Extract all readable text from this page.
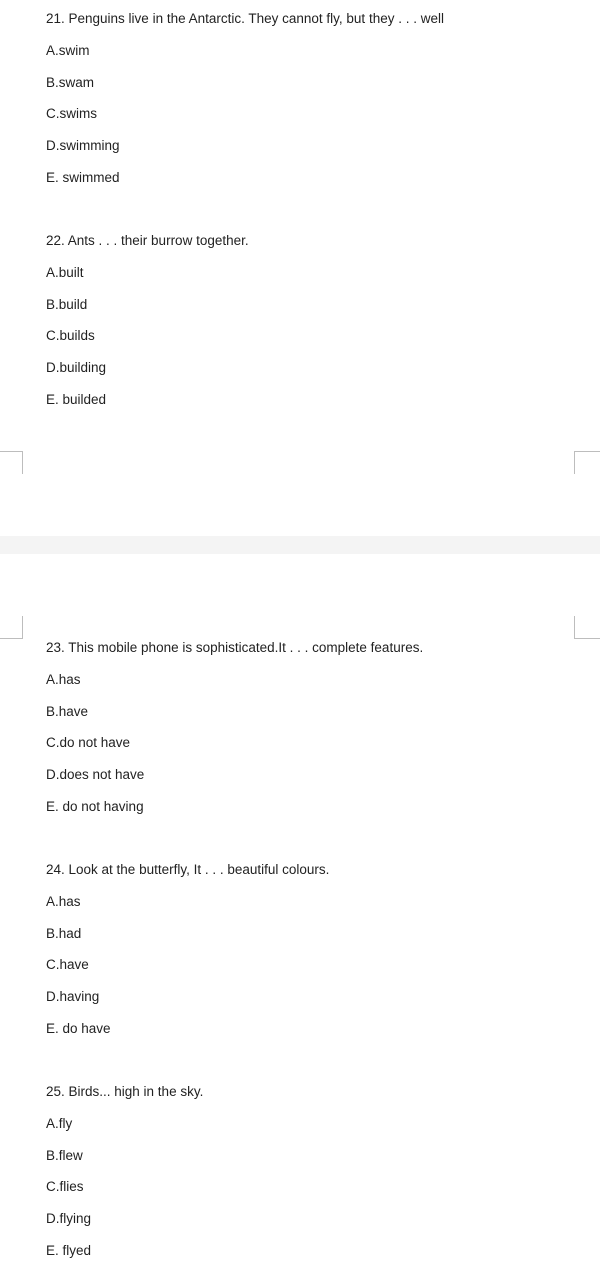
21. Penguins live in the Antarctic. They cannot fly, but they . . . well
A.swim
B.swam
C.swims
D.swimming
E. swimmed
22. Ants . . . their burrow together.
A.built
B.build
C.builds
D.building
E. builded
23. This mobile phone is sophisticated.It . . . complete features.
A.has
B.have
C.do not have
D.does not have
E. do not having
24. Look at the butterfly, It . . . beautiful colours.
A.has
B.had
C.have
D.having
E. do have
25. Birds... high in the sky.
A.fly
B.flew
C.flies
D.flying
E. flyed
